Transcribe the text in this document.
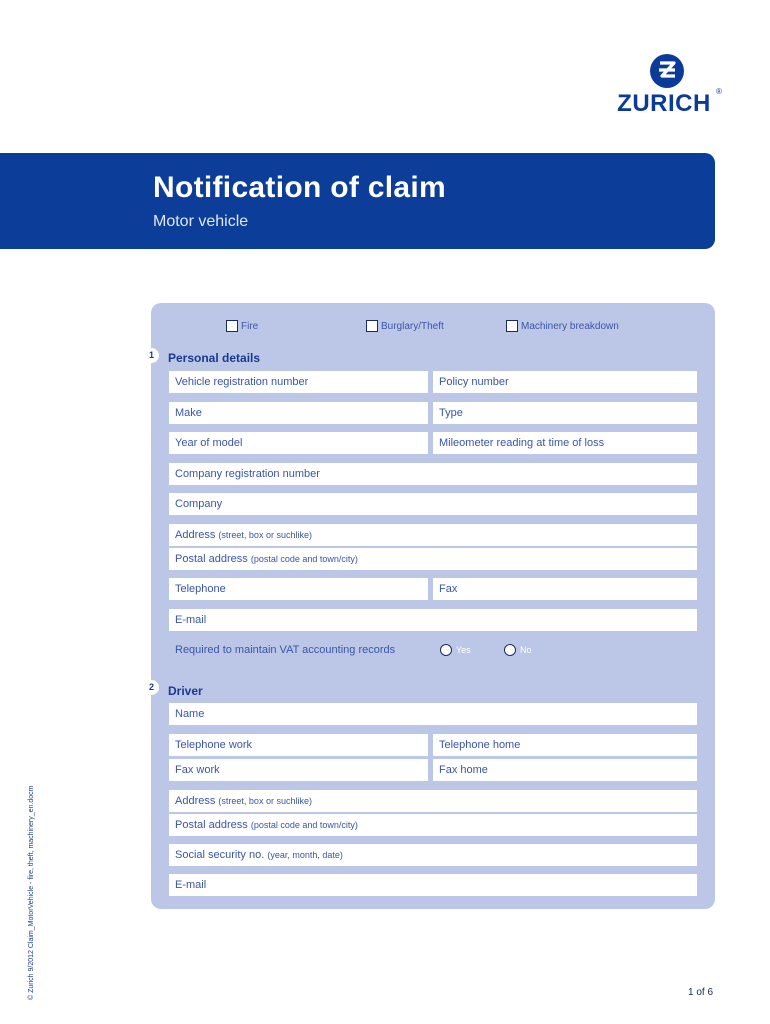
ZURICH ®
Notification of claim
Motor vehicle
Fire	Burglary/Theft	Machinery breakdown
1	Personal details
Vehicle registration number	Policy number
Make	Type
Year of model	Mileometer reading at time of loss
Company registration number
Company
Address (street, box or suchlike)
Postal address (postal code and town/city)
Telephone	Fax
E-mail
Required to maintain VAT accounting records	Yes	No
2	Driver
Name
Telephone work	Telephone home
Fax work	Fax home
Address (street, box or suchlike)
Postal address (postal code and town/city)
Social security no. (year, month, date)
E-mail
© Zurich 9/2012 Claim_MotorVehicle - fire, theft, machinery_en.docm	1 of 6
